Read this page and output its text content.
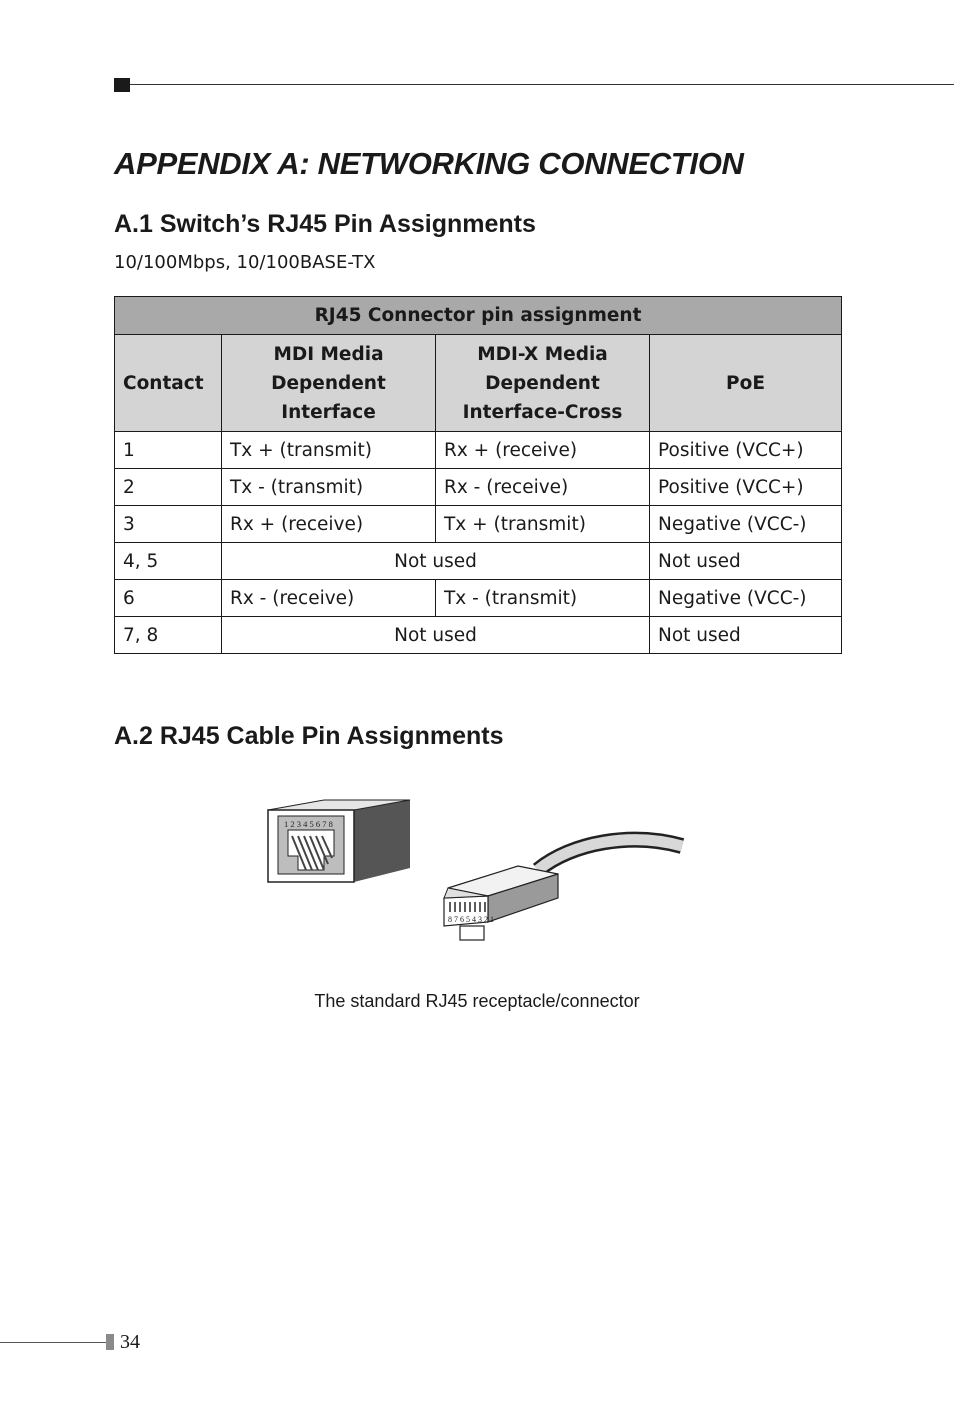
APPENDIX A: NETWORKING CONNECTION
A.1 Switch’s RJ45 Pin Assignments
10/100Mbps, 10/100BASE-TX
RJ45 Connector pin assignment			
Contact	MDI Media Dependent Interface	MDI-X Media Dependent Interface-Cross	PoE
1	Tx + (transmit)	Rx + (receive)	Positive (VCC+)
2	Tx - (transmit)	Rx - (receive)	Positive (VCC+)
3	Rx + (receive)	Tx + (transmit)	Negative (VCC-)
4, 5	Not used		Not used
6	Rx - (receive)	Tx - (transmit)	Negative (VCC-)
7, 8	Not used		Not used
A.2 RJ45 Cable Pin Assignments
1 2 3 4 5 6 7 8
8 7 6 5 4 3 2 1
The standard RJ45 receptacle/connector
34
